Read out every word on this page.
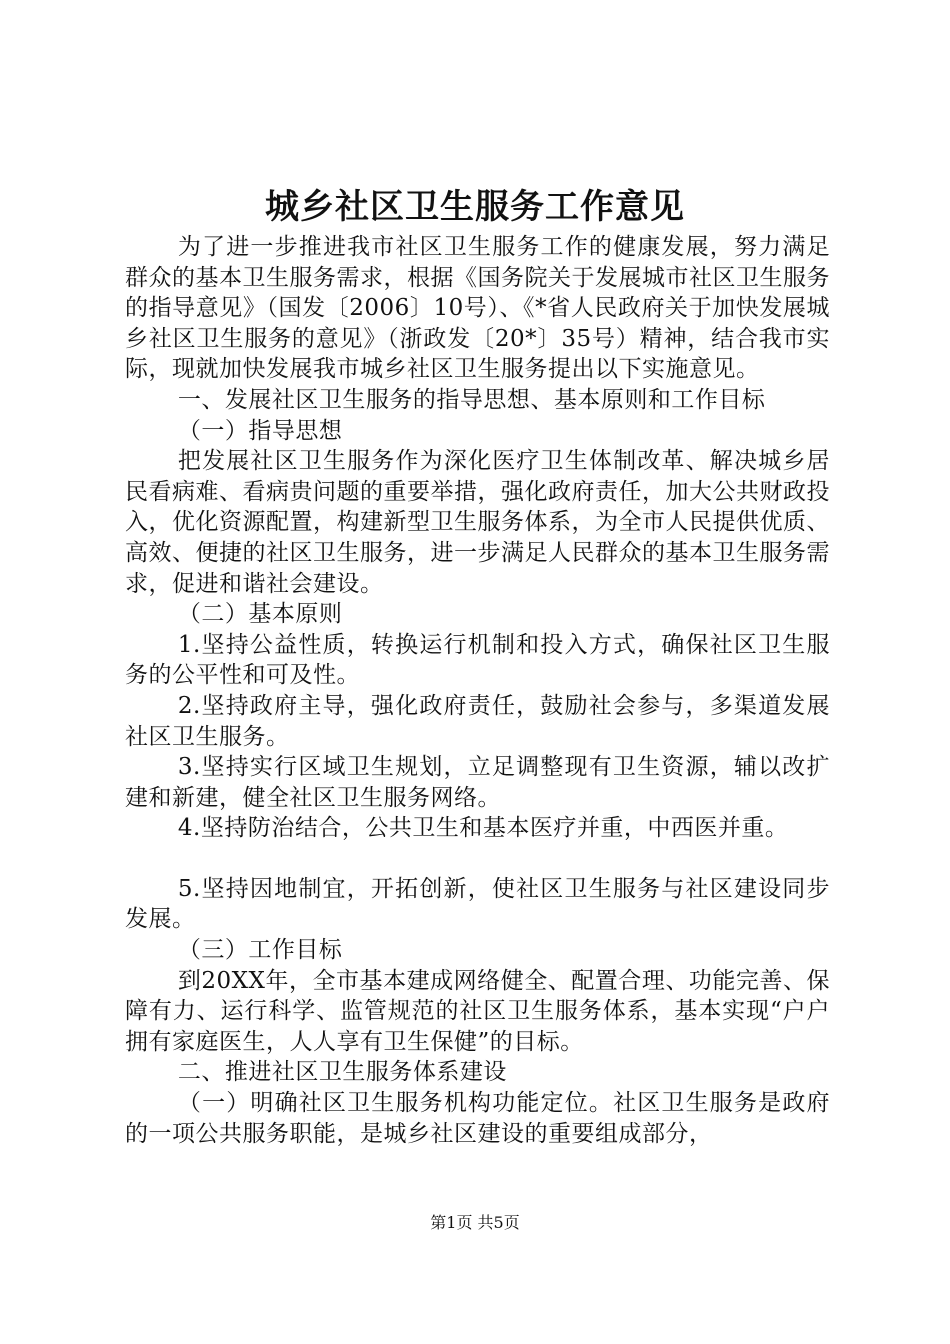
城乡社区卫生服务工作意见

为了进一步推进我市社区卫生服务工作的健康发展，努力满足群众的基本卫生服务需求，根据《国务院关于发展城市社区卫生服务的指导意见》（国发〔2006〕10号）、《*省人民政府关于加快发展城乡社区卫生服务的意见》（浙政发〔20*〕35号）精神，结合我市实际，现就加快发展我市城乡社区卫生服务提出以下实施意见。

一、发展社区卫生服务的指导思想、基本原则和工作目标

（一）指导思想

把发展社区卫生服务作为深化医疗卫生体制改革、解决城乡居民看病难、看病贵问题的重要举措，强化政府责任，加大公共财政投入，优化资源配置，构建新型卫生服务体系，为全市人民提供优质、高效、便捷的社区卫生服务，进一步满足人民群众的基本卫生服务需求，促进和谐社会建设。

（二）基本原则

1.坚持公益性质，转换运行机制和投入方式，确保社区卫生服务的公平性和可及性。

2.坚持政府主导，强化政府责任，鼓励社会参与，多渠道发展社区卫生服务。

3.坚持实行区域卫生规划，立足调整现有卫生资源，辅以改扩建和新建，健全社区卫生服务网络。

4.坚持防治结合，公共卫生和基本医疗并重，中西医并重。

5.坚持因地制宜，开拓创新，使社区卫生服务与社区建设同步发展。

（三）工作目标

到20XX年，全市基本建成网络健全、配置合理、功能完善、保障有力、运行科学、监管规范的社区卫生服务体系，基本实现“户户拥有家庭医生，人人享有卫生保健”的目标。

二、推进社区卫生服务体系建设

（一）明确社区卫生服务机构功能定位。社区卫生服务是政府的一项公共服务职能，是城乡社区建设的重要组成部分，

第1页 共5页
